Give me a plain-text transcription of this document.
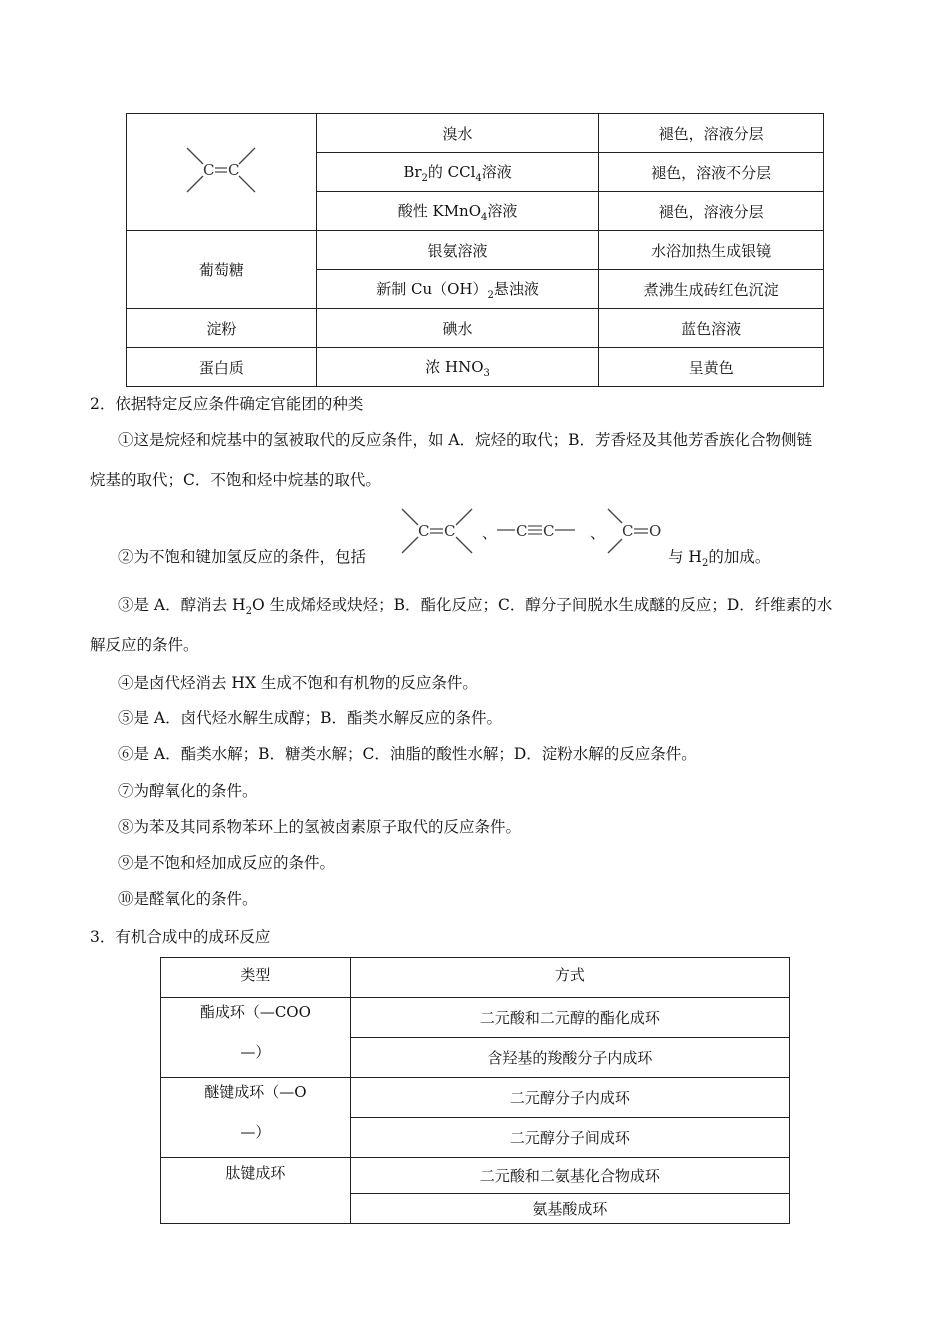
C C	溴水	褪色，溶液分层
	$Br_2$的 CCl$_4$溶液	褪色，溶液不分层
	酸性 KMnO$_4$溶液	褪色，溶液分层
葡萄糖	银氨溶液	水浴加热生成银镜
	新制 $Cu(OH)_2$悬浊液	煮沸生成砖红色沉淀
淀粉	碘水	蓝色溶液
蛋白质	浓 $HNO_3$	呈黄色
2．依据特定反应条件确定官能团的种类
①这是烷烃和烷基中的氢被取代的反应条件，如 A．烷烃的取代；B．芳香烃及其他芳香族化合物侧链
烷基的取代；C．不饱和烃中烷基的取代。
C C 、 C C 、 C O
②为不饱和键加氢反应的条件，包括	与 $H_2$的加成。
③是 A．醇消去 $H_2O$ 生成烯烃或炔烃；B．酯化反应；C．醇分子间脱水生成醚的反应；D．纤维素的水
解反应的条件。
④是卤代烃消去 HX 生成不饱和有机物的反应条件。
⑤是 A．卤代烃水解生成醇；B．酯类水解反应的条件。
⑥是 A．酯类水解；B．糖类水解；C．油脂的酸性水解；D．淀粉水解的反应条件。
⑦为醇氧化的条件。
⑧为苯及其同系物苯环上的氢被卤素原子取代的反应条件。
⑨是不饱和烃加成反应的条件。
⑩是醛氧化的条件。
3．有机合成中的成环反应
类型	方式

酯成环（—COO
—）	二元酸和二元醇的酯化成环
	含羟基的羧酸分子内成环

醚键成环（—O
—）	二元醇分子内成环
	二元醇分子间成环
肽键成环	二元酸和二氨基化合物成环
	氨基酸成环
